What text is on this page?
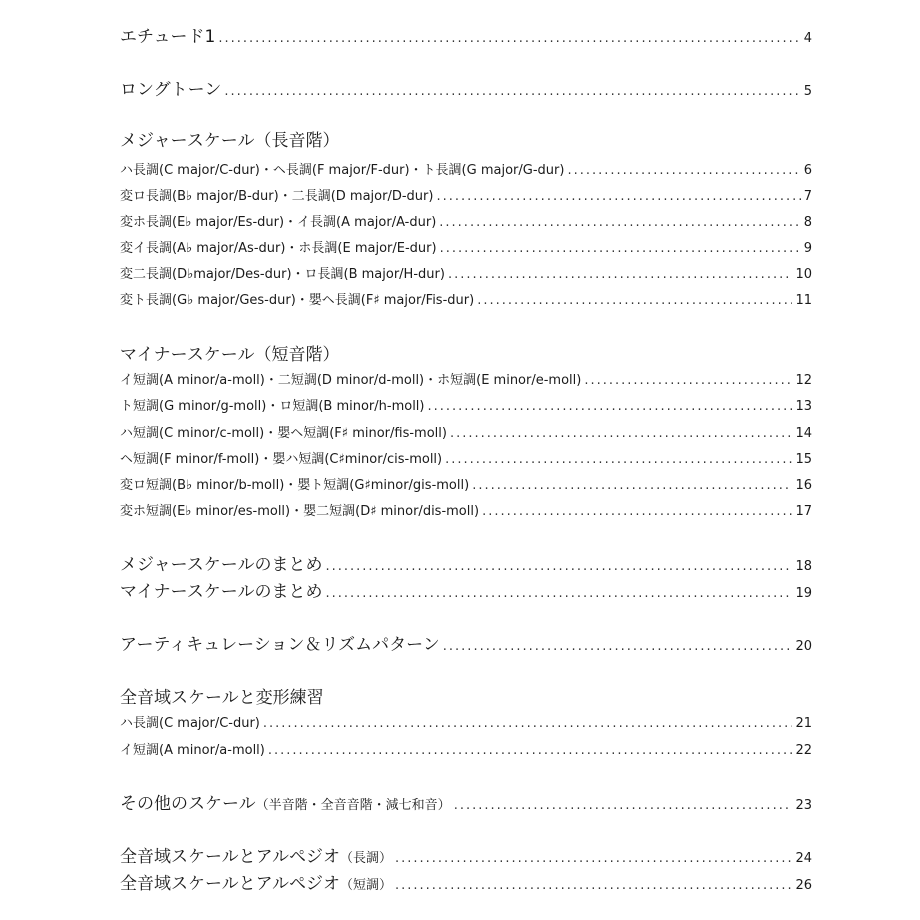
エチュード1 .....	4
ロングトーン .....	5
メジャースケール（長音階）
ハ長調(C major/C-dur)・ヘ長調(F major/F-dur)・ト長調(G major/G-dur) .....	6
変ロ長調(B♭ major/B-dur)・二長調(D major/D-dur) .....	7
変ホ長調(E♭ major/Es-dur)・イ長調(A major/A-dur) .....	8
変イ長調(A♭ major/As-dur)・ホ長調(E major/E-dur) .....	9
変二長調(D♭major/Des-dur)・ロ長調(B major/H-dur) .....	10
変ト長調(G♭ major/Ges-dur)・嬰ヘ長調(F♯ major/Fis-dur) .....	11
マイナースケール（短音階）
イ短調(A minor/a-moll)・二短調(D minor/d-moll)・ホ短調(E minor/e-moll) .....	12
ト短調(G minor/g-moll)・ロ短調(B minor/h-moll) .....	13
ハ短調(C minor/c-moll)・嬰ヘ短調(F♯ minor/fis-moll) .....	14
ヘ短調(F minor/f-moll)・嬰ハ短調(C♯minor/cis-moll) .....	15
変ロ短調(B♭ minor/b-moll)・嬰ト短調(G♯minor/gis-moll) .....	16
変ホ短調(E♭ minor/es-moll)・嬰二短調(D♯ minor/dis-moll) .....	17
メジャースケールのまとめ .....	18
マイナースケールのまとめ .....	19
アーティキュレーション＆リズムパターン .....	20
全音域スケールと変形練習
ハ長調(C major/C-dur) .....	21
イ短調(A minor/a-moll) .....	22
その他のスケール（半音階・全音音階・減七和音） .....	23
全音域スケールとアルペジオ（長調） .....	24
全音域スケールとアルペジオ（短調） .....	26
